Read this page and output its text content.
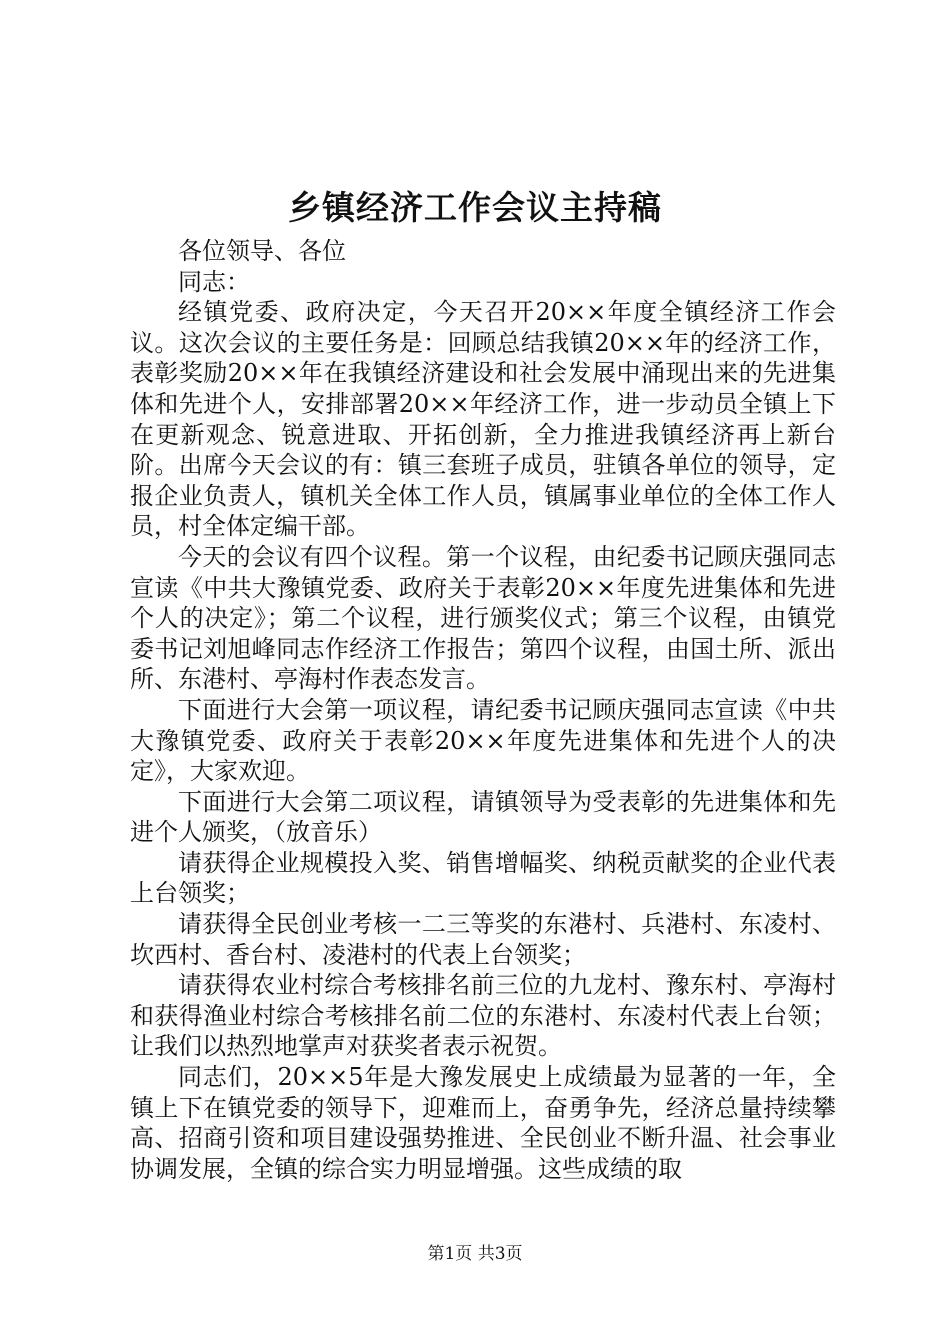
乡镇经济工作会议主持稿

各位领导、各位

同志：

经镇党委、政府决定，今天召开20××年度全镇经济工作会议。这次会议的主要任务是：回顾总结我镇20××年的经济工作，表彰奖励20××年在我镇经济建设和社会发展中涌现出来的先进集体和先进个人，安排部署20××年经济工作，进一步动员全镇上下在更新观念、锐意进取、开拓创新，全力推进我镇经济再上新台阶。出席今天会议的有：镇三套班子成员，驻镇各单位的领导，定报企业负责人，镇机关全体工作人员，镇属事业单位的全体工作人员，村全体定编干部。

今天的会议有四个议程。第一个议程，由纪委书记顾庆强同志宣读《中共大豫镇党委、政府关于表彰20××年度先进集体和先进个人的决定》；第二个议程，进行颁奖仪式；第三个议程，由镇党委书记刘旭峰同志作经济工作报告；第四个议程，由国土所、派出所、东港村、亭海村作表态发言。

下面进行大会第一项议程，请纪委书记顾庆强同志宣读《中共大豫镇党委、政府关于表彰20××年度先进集体和先进个人的决定》，大家欢迎。

下面进行大会第二项议程，请镇领导为受表彰的先进集体和先进个人颁奖，（放音乐）

请获得企业规模投入奖、销售增幅奖、纳税贡献奖的企业代表上台领奖；

请获得全民创业考核一二三等奖的东港村、兵港村、东凌村、坎西村、香台村、凌港村的代表上台领奖；

请获得农业村综合考核排名前三位的九龙村、豫东村、亭海村和获得渔业村综合考核排名前二位的东港村、东凌村代表上台领；让我们以热烈地掌声对获奖者表示祝贺。

同志们，20××5年是大豫发展史上成绩最为显著的一年，全镇上下在镇党委的领导下，迎难而上，奋勇争先，经济总量持续攀高、招商引资和项目建设强势推进、全民创业不断升温、社会事业协调发展，全镇的综合实力明显增强。这些成绩的取

第1页 共3页
